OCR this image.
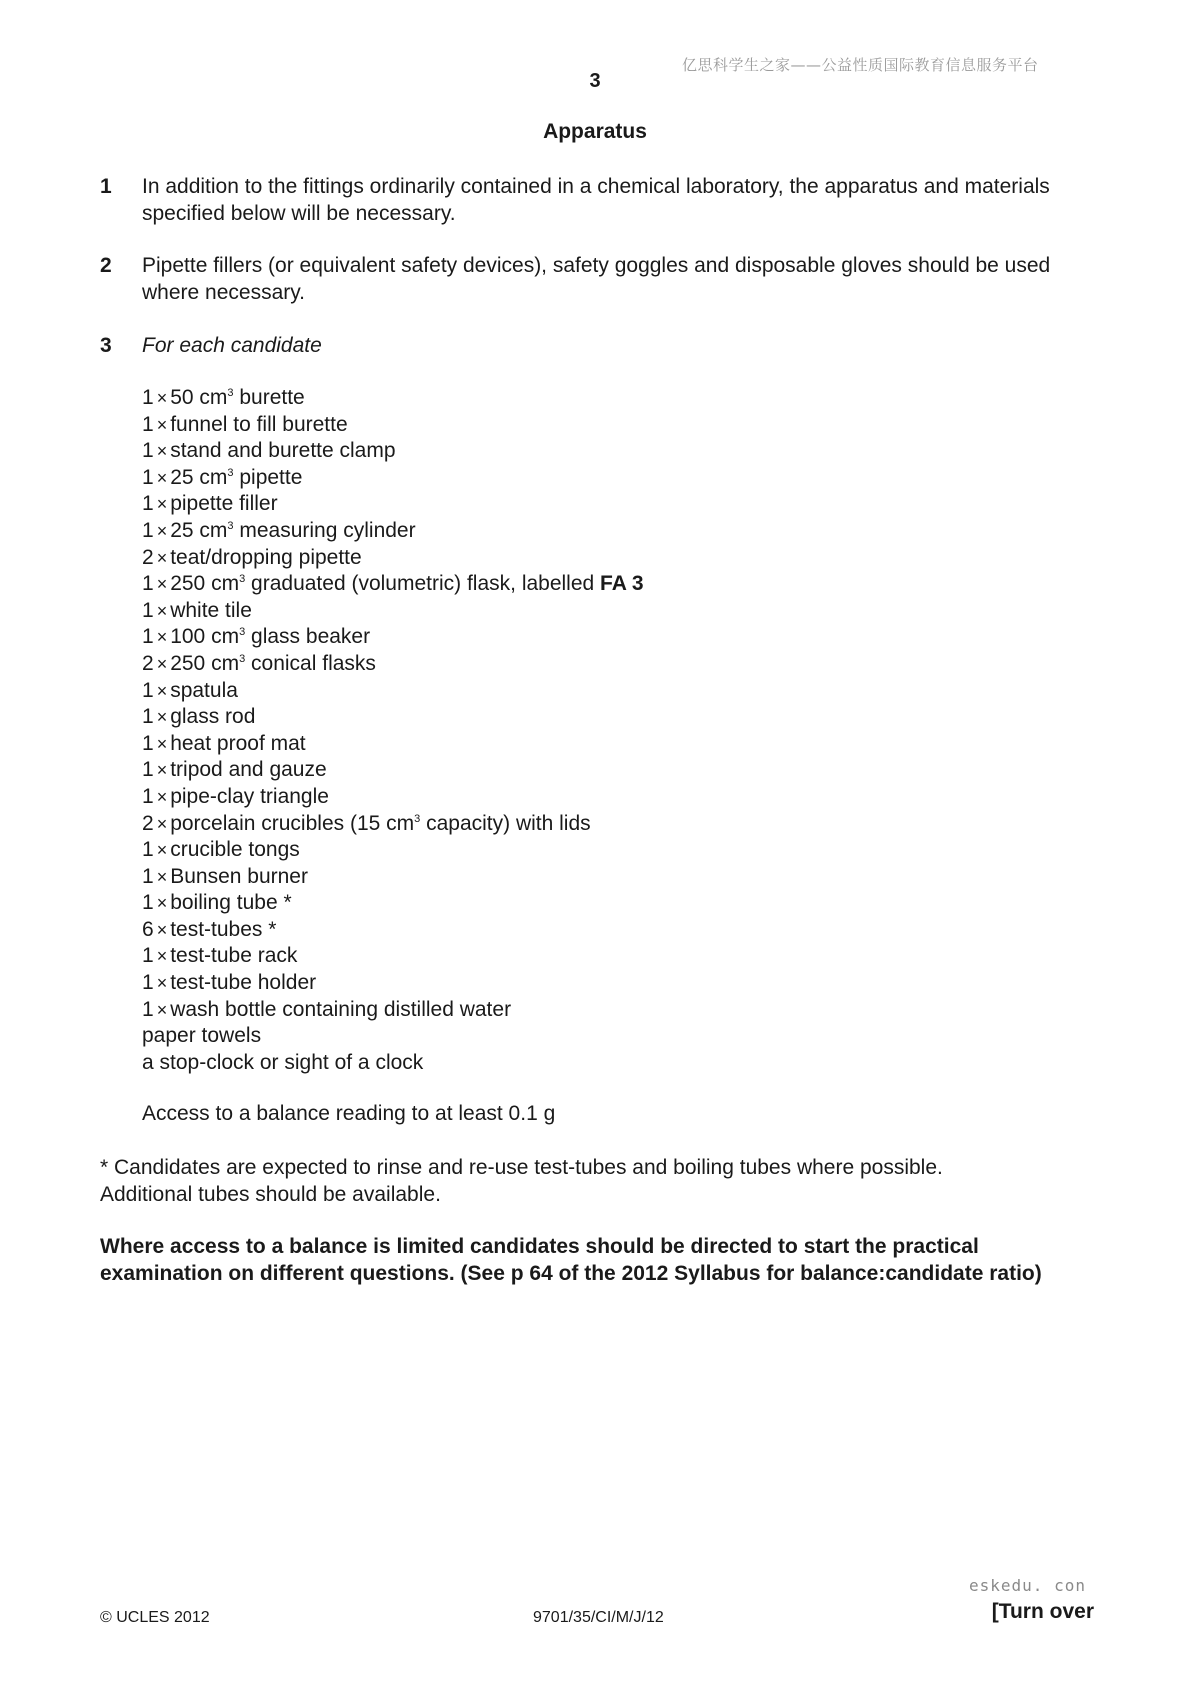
亿思科学生之家——公益性质国际教育信息服务平台
3
Apparatus
1 In addition to the fittings ordinarily contained in a chemical laboratory, the apparatus and materials specified below will be necessary.
2 Pipette fillers (or equivalent safety devices), safety goggles and disposable gloves should be used where necessary.
3 For each candidate
1 × 50 $cm^3$ burette
1 × funnel to fill burette
1 × stand and burette clamp
1 × 25 $cm^3$ pipette
1 × pipette filler
1 × 25 $cm^3$ measuring cylinder
2 × teat/dropping pipette
1 × 250 $cm^3$ graduated (volumetric) flask, labelled FA 3
1 × white tile
1 × 100 $cm^3$ glass beaker
2 × 250 $cm^3$ conical flasks
1 × spatula
1 × glass rod
1 × heat proof mat
1 × tripod and gauze
1 × pipe-clay triangle
2 × porcelain crucibles (15 $cm^3$ capacity) with lids
1 × crucible tongs
1 × Bunsen burner
1 × boiling tube *
6 × test-tubes *
1 × test-tube rack
1 × test-tube holder
1 × wash bottle containing distilled water
paper towels
a stop-clock or sight of a clock
Access to a balance reading to at least 0.1 g
* Candidates are expected to rinse and re-use test-tubes and boiling tubes where possible.
Additional tubes should be available.
Where access to a balance is limited candidates should be directed to start the practical
examination on different questions. (See p 64 of the 2012 Syllabus for balance:candidate ratio)
eskedu. con
© UCLES 2012	9701/35/CI/M/J/12	[Turn over
